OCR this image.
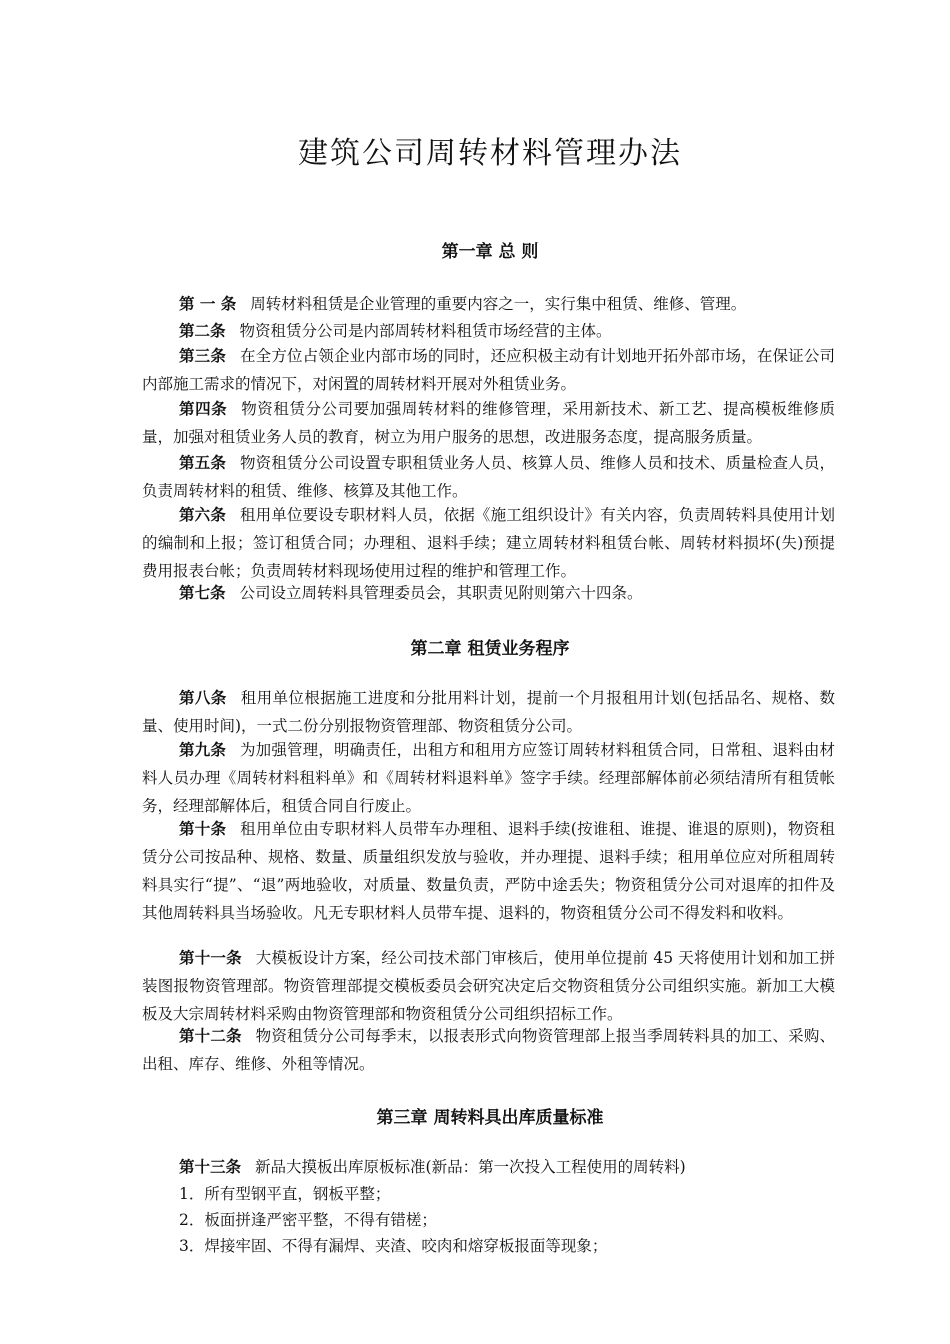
建筑公司周转材料管理办法
第一章 总 则
第 一 条 周转材料租赁是企业管理的重要内容之一，实行集中租赁、维修、管理。
第二条 物资租赁分公司是内部周转材料租赁市场经营的主体。
第三条 在全方位占领企业内部市场的同时，还应积极主动有计划地开拓外部市场，在保证公司内部施工需求的情况下，对闲置的周转材料开展对外租赁业务。
第四条 物资租赁分公司要加强周转材料的维修管理，采用新技术、新工艺、提高模板维修质量，加强对租赁业务人员的教育，树立为用户服务的思想，改进服务态度，提高服务质量。
第五条 物资租赁分公司设置专职租赁业务人员、核算人员、维修人员和技术、质量检查人员，负责周转材料的租赁、维修、核算及其他工作。
第六条 租用单位要设专职材料人员，依据《施工组织设计》有关内容，负责周转料具使用计划的编制和上报；签订租赁合同；办理租、退料手续；建立周转材料租赁台帐、周转材料损坏(失)预提费用报表台帐；负责周转材料现场使用过程的维护和管理工作。
第七条 公司设立周转料具管理委员会，其职责见附则第六十四条。
第二章 租赁业务程序
第八条 租用单位根据施工进度和分批用料计划，提前一个月报租用计划(包括品名、规格、数量、使用时间)，一式二份分别报物资管理部、物资租赁分公司。
第九条 为加强管理，明确责任，出租方和租用方应签订周转材料租赁合同，日常租、退料由材料人员办理《周转材料租料单》和《周转材料退料单》签字手续。经理部解体前必须结清所有租赁帐务，经理部解体后，租赁合同自行废止。
第十条 租用单位由专职材料人员带车办理租、退料手续(按谁租、谁提、谁退的原则)，物资租赁分公司按品种、规格、数量、质量组织发放与验收，并办理提、退料手续；租用单位应对所租周转料具实行“提”、“退”两地验收，对质量、数量负责，严防中途丢失；物资租赁分公司对退库的扣件及其他周转料具当场验收。凡无专职材料人员带车提、退料的，物资租赁分公司不得发料和收料。
第十一条 大模板设计方案，经公司技术部门审核后，使用单位提前 45 天将使用计划和加工拼装图报物资管理部。物资管理部提交模板委员会研究决定后交物资租赁分公司组织实施。新加工大模板及大宗周转材料采购由物资管理部和物资租赁分公司组织招标工作。
第十二条 物资租赁分公司每季末，以报表形式向物资管理部上报当季周转料具的加工、采购、出租、库存、维修、外租等情况。
第三章 周转料具出库质量标准
第十三条 新品大摸板出库原板标准(新品：第一次投入工程使用的周转料)
1．所有型钢平直，钢板平整；
2．板面拼逢严密平整，不得有错槎；
3．焊接牢固、不得有漏焊、夹渣、咬肉和熔穿板报面等现象；
